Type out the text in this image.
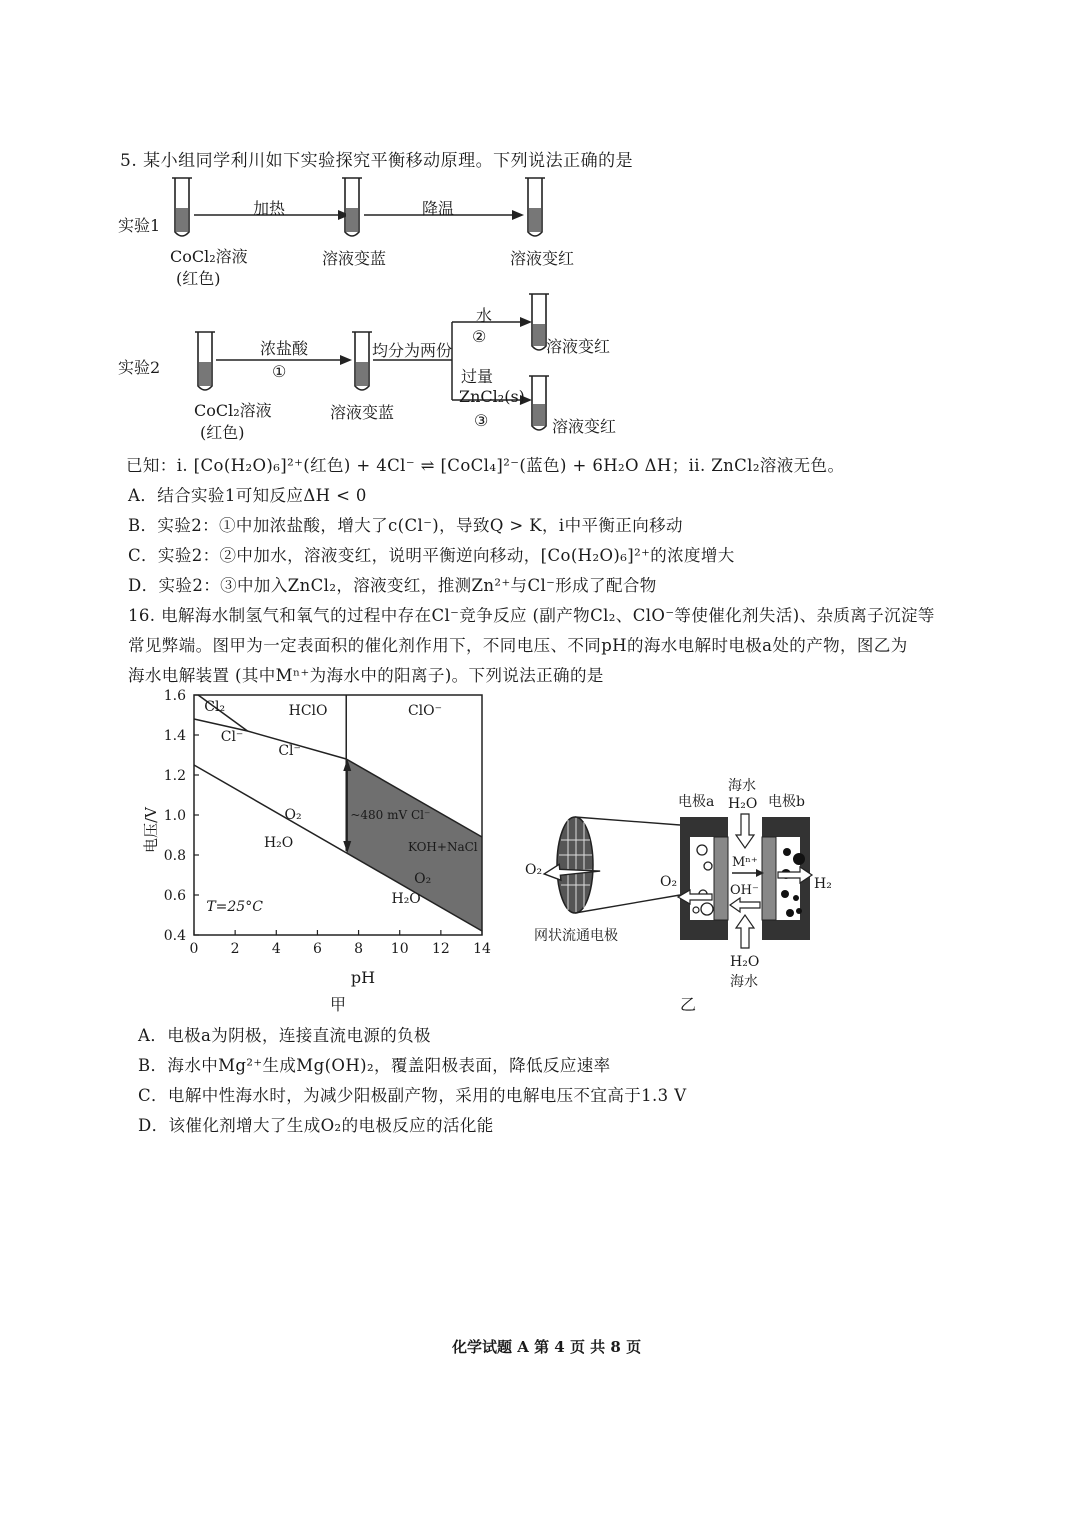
5. 某小组同学利川如下实验探究平衡移动原理。下列说法正确的是
实验1
加热	降温
CoCl₂溶液
(红色)
溶液变蓝	溶液变红
实验2
浓盐酸
①
均分为两份
水
②
溶液变红
过量
ZnCl₂(s)
③	溶液变红
CoCl₂溶液
(红色)
溶液变蓝
已知：i. [Co(H₂O)₆]²⁺(红色) + 4Cl⁻ ⇌ [CoCl₄]²⁻(蓝色) + 6H₂O ΔH；ii. ZnCl₂溶液无色。
A．结合实验1可知反应ΔH < 0
B．实验2：①中加浓盐酸，增大了c(Cl⁻)，导致Q > K，i中平衡正向移动
C．实验2：②中加水，溶液变红，说明平衡逆向移动，[Co(H₂O)₆]²⁺的浓度增大
D．实验2：③中加入ZnCl₂，溶液变红，推测Zn²⁺与Cl⁻形成了配合物
16. 电解海水制氢气和氧气的过程中存在Cl⁻竞争反应 (副产物Cl₂、ClO⁻等使催化剂失活)、杂质离子沉淀等
常见弊端。图甲为一定表面积的催化剂作用下，不同电压、不同pH的海水电解时电极a处的产物，图乙为
海水电解装置 (其中Mⁿ⁺为海水中的阳离子)。下列说法正确的是
0 2 4 6 8 10 12 14
0.4
0.6
0.8
1.0
1.2
1.4
1.6
Cl₂
Cl⁻
HClO
Cl⁻
ClO⁻
O₂
H₂O
O₂
H₂O
KOH+NaCl
~480 mV Cl⁻
T=25°C
电压/V
pH
甲
O₂
O₂	H₂
Mⁿ⁺
OH⁻
电极a	电极b
海水
H₂O
H₂O
海水
网状流通电极
乙
A．电极a为阴极，连接直流电源的负极
B．海水中Mg²⁺生成Mg(OH)₂，覆盖阳极表面，降低反应速率
C．电解中性海水时，为减少阳极副产物，采用的电解电压不宜高于1.3 V
D．该催化剂增大了生成O₂的电极反应的活化能
化学试题 A 第 4 页 共 8 页
